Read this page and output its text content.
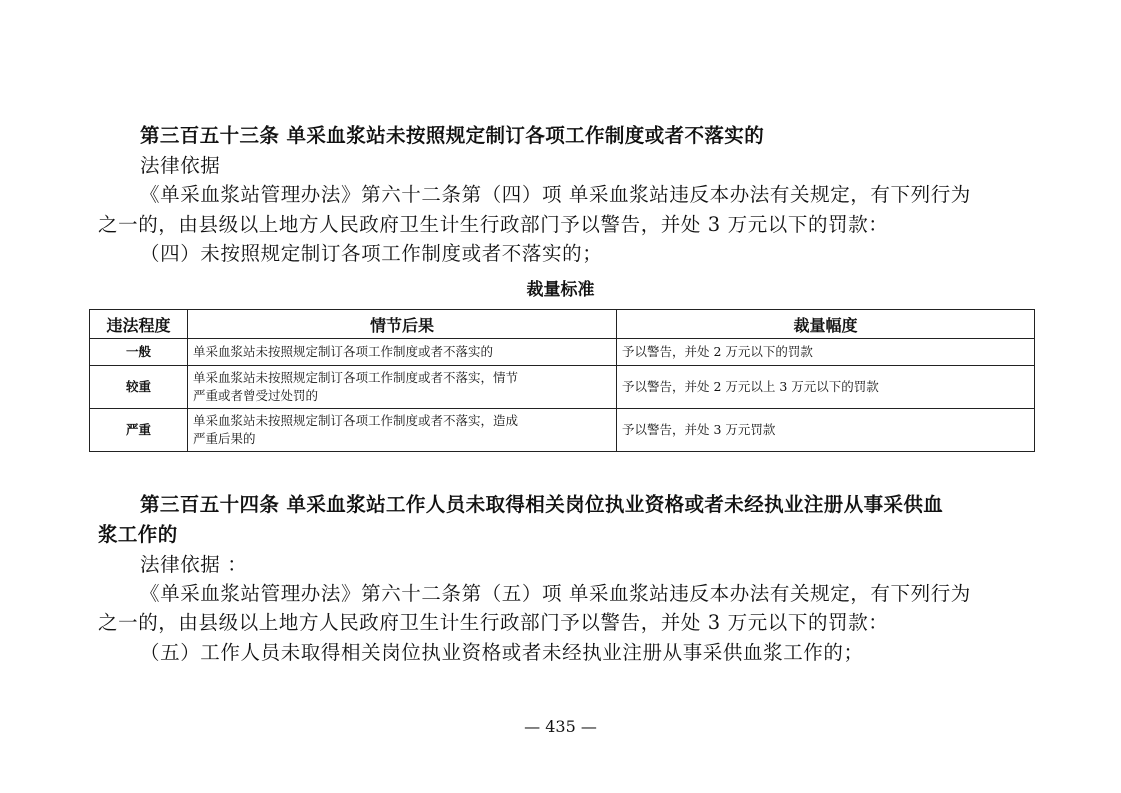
第三百五十三条 单采血浆站未按照规定制订各项工作制度或者不落实的
法律依据
《单采血浆站管理办法》第六十二条第（四）项 单采血浆站违反本办法有关规定，有下列行为
之一的，由县级以上地方人民政府卫生计生行政部门予以警告，并处 3 万元以下的罚款：
（四）未按照规定制订各项工作制度或者不落实的；
裁量标准
违法程度	情节后果	裁量幅度
一般	单采血浆站未按照规定制订各项工作制度或者不落实的	予以警告，并处 2 万元以下的罚款
较重	单采血浆站未按照规定制订各项工作制度或者不落实，情节
严重或者曾受过处罚的	予以警告，并处 2 万元以上 3 万元以下的罚款
严重	单采血浆站未按照规定制订各项工作制度或者不落实，造成
严重后果的	予以警告，并处 3 万元罚款
第三百五十四条 单采血浆站工作人员未取得相关岗位执业资格或者未经执业注册从事采供血
浆工作的
法律依据 ：
《单采血浆站管理办法》第六十二条第（五）项 单采血浆站违反本办法有关规定，有下列行为
之一的，由县级以上地方人民政府卫生计生行政部门予以警告，并处 3 万元以下的罚款：
（五）工作人员未取得相关岗位执业资格或者未经执业注册从事采供血浆工作的；
— 435 —
